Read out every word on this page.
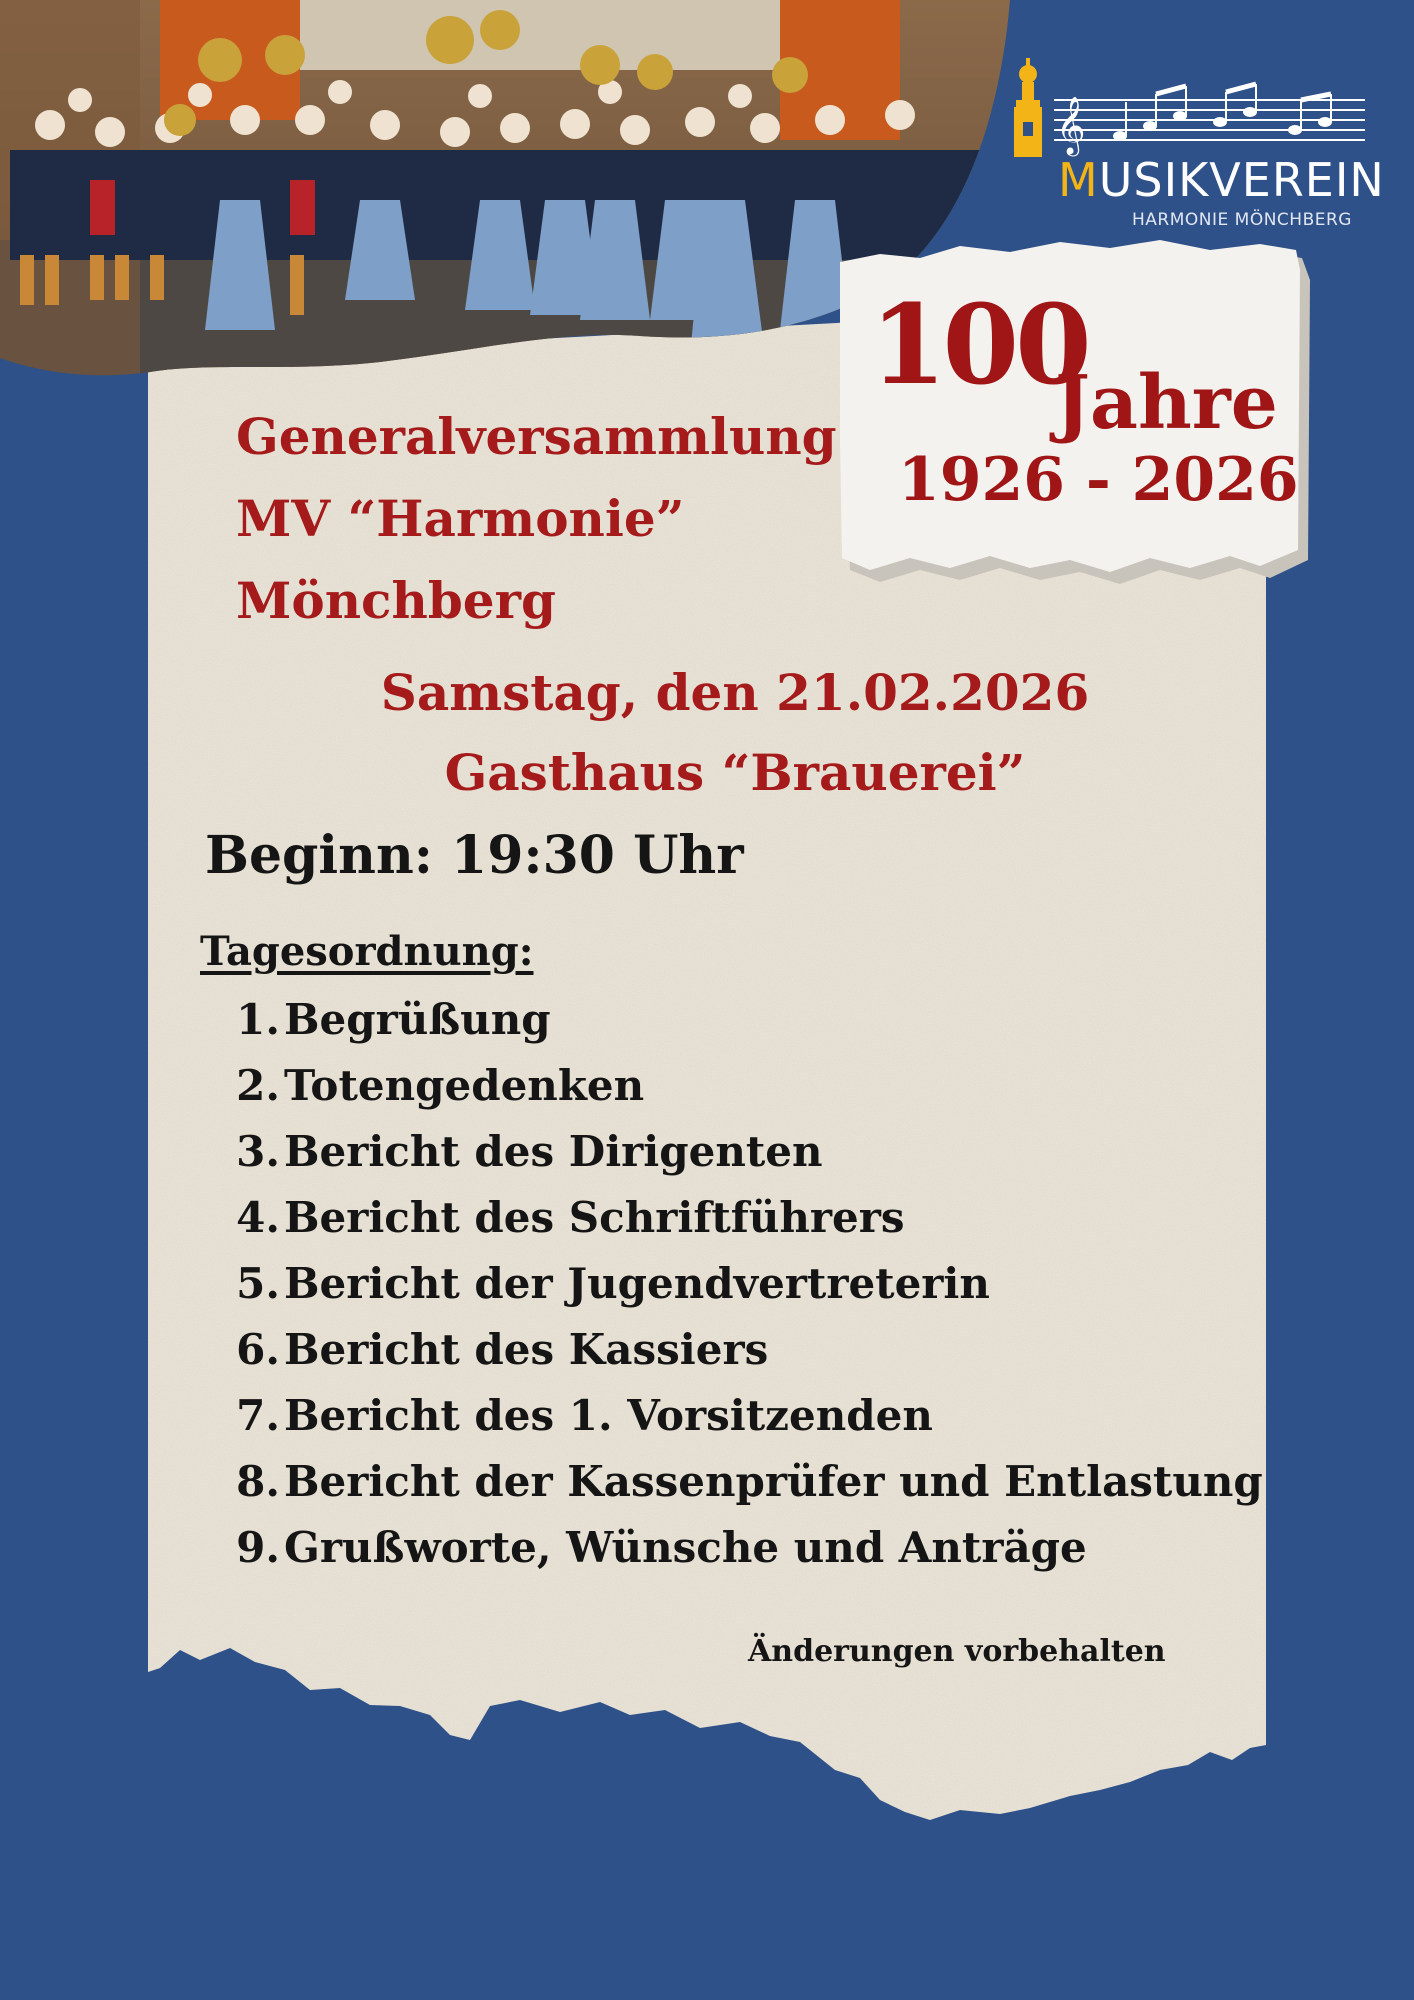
𝄞
MUSIKVEREIN
HARMONIE MÖNCHBERG
100
Jahre
1926 - 2026
Generalversammlung
MV “Harmonie”
Mönchberg
Samstag, den 21.02.2026
Gasthaus “Brauerei”
Beginn: 19:30 Uhr
Tagesordnung:
1. Begrüßung
2. Totengedenken
3. Bericht des Dirigenten
4. Bericht des Schriftführers
5. Bericht der Jugendvertreterin
6. Bericht des Kassiers
7. Bericht des 1. Vorsitzenden
8. Bericht der Kassenprüfer und Entlastung
9. Grußworte, Wünsche und Anträge
Änderungen vorbehalten
